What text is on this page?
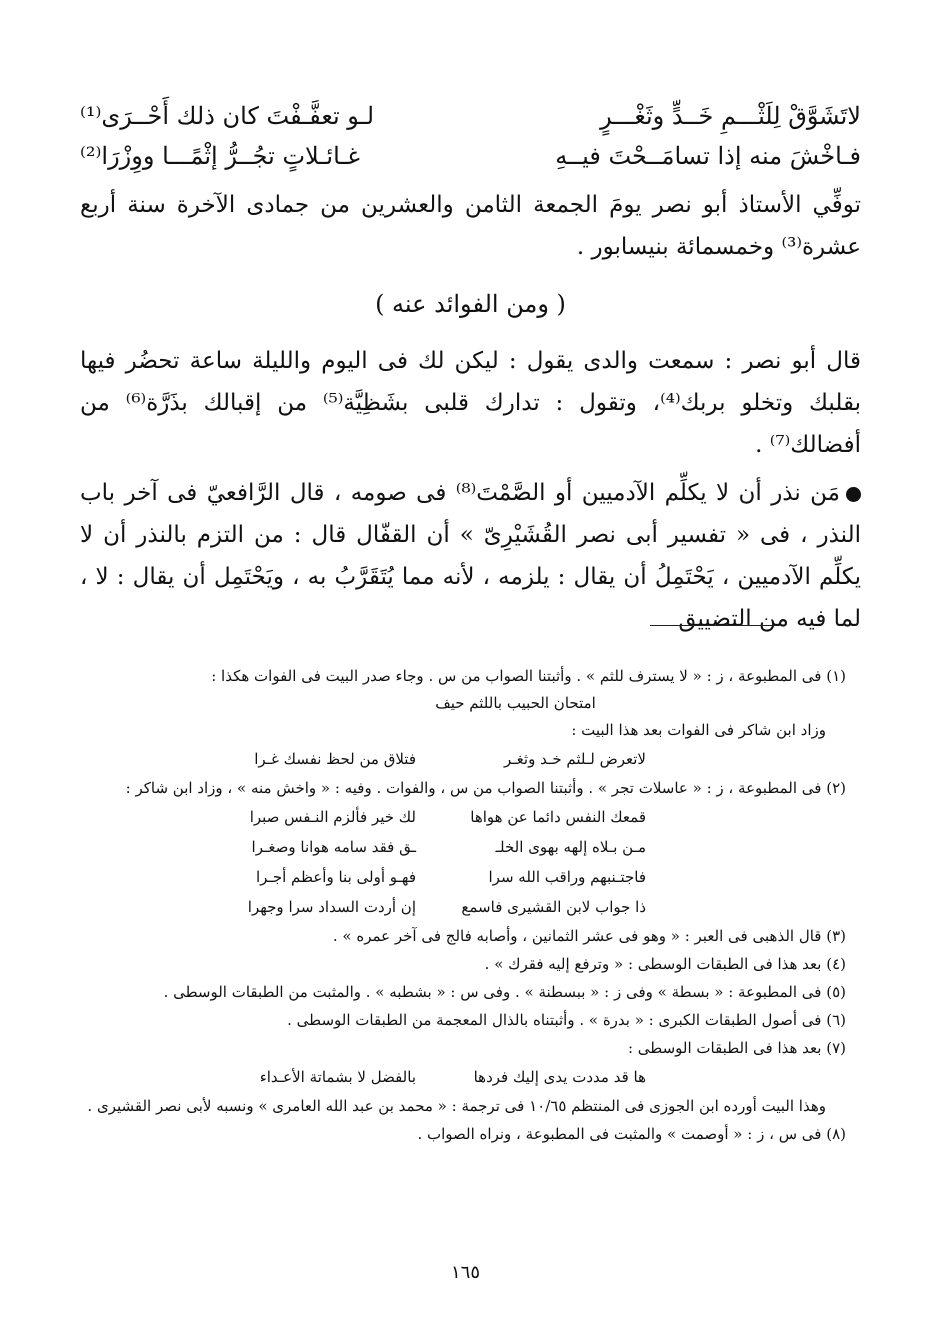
لاتَشَوَّقْ لِلَثْـــمِ خَــدٍّ وثَغْـــرٍ
لـو تعفَّـفْتَ كان ذلك أَحْــرَى⁽¹⁾
فـاخْشَ منه إذا تسامَــحْتَ فيــهِ
غـائـلاتٍ تجُــرُّ إثْمًـــا ووِزْرَا⁽²⁾

توفِّي الأستاذ أبو نصر يومَ الجمعة الثامن والعشرين من جمادى الآخرة سنة أربع عشرة⁽³⁾ وخمسمائة بنيسابور .

( ومن الفوائد عنه )

قال أبو نصر : سمعت والدى يقول : ليكن لك فى اليوم والليلة ساعة تحضُر فيها بقلبك وتخلو بربك⁽⁴⁾، وتقول : تدارك قلبى بشَظِيَّة⁽⁵⁾ من إقبالك بذَرَّة⁽⁶⁾ من أفضالك⁽⁷⁾ .

مَن نذر أن لا يكلِّم الآدميين أو الصَّمْتَ⁽⁸⁾ فى صومه ، قال الرَّافعيّ فى آخر باب النذر ، فى « تفسير أبى نصر القُشَيْرِىّ » أن القفّال قال : من التزم بالنذر أن لا يكلِّم الآدميين ، يَحْتَمِلُ أن يقال : يلزمه ، لأنه مما يُتَقَرَّبُ به ، ويَحْتَمِل أن يقال : لا ، لما فيه من التضييق

(١) فى المطبوعة ، ز : « لا يسترف للثم » . وأثبتنا الصواب من س . وجاء صدر البيت فى الفوات هكذا :

امتحان الحبيب باللثم حيف

وزاد ابن شاكر فى الفوات بعد هذا البيت :

لاتعرض لـلثم خـد وثغـر
فتلاق من لحظ نفسك غـرا

(٢) فى المطبوعة ، ز : « عاسلات تجر » . وأثبتنا الصواب من س ، والفوات . وفيه : « واخش منه » ، وزاد ابن شاكر :

قمعك النفس دائما عن هواها
لك خير فألزم النـفس صبرا
مـن بـلاه إلهه بهوى الخلـ
ـق فقد سامه هوانا وصغـرا
فاجتـنبهم وراقب الله سرا
فهـو أولى بنا وأعظم أجـرا
ذا جواب لابن القشيرى فاسمع
إن أردت السداد سرا وجهرا

(٣) قال الذهبى فى العبر : « وهو فى عشر الثمانين ، وأصابه فالج فى آخر عمره » .

(٤) بعد هذا فى الطبقات الوسطى : « وترفع إليه فقرك » .

(٥) فى المطبوعة : « بسطة » وفى ز : « ببسطنة » . وفى س : « بشطبه » . والمثبت من الطبقات الوسطى .

(٦) فى أصول الطبقات الكبرى : « بدرة » . وأثبتناه بالذال المعجمة من الطبقات الوسطى .

(٧) بعد هذا فى الطبقات الوسطى :

ها قد مددت يدى إليك فردها
بالفضل لا بشماتة الأعـداء

وهذا البيت أورده ابن الجوزى فى المنتظم ١٠/٦٥ فى ترجمة : « محمد بن عبد الله العامرى » ونسبه لأبى نصر القشيرى .

(٨) فى س ، ز : « أوصمت » والمثبت فى المطبوعة ، ونراه الصواب .

١٦٥
